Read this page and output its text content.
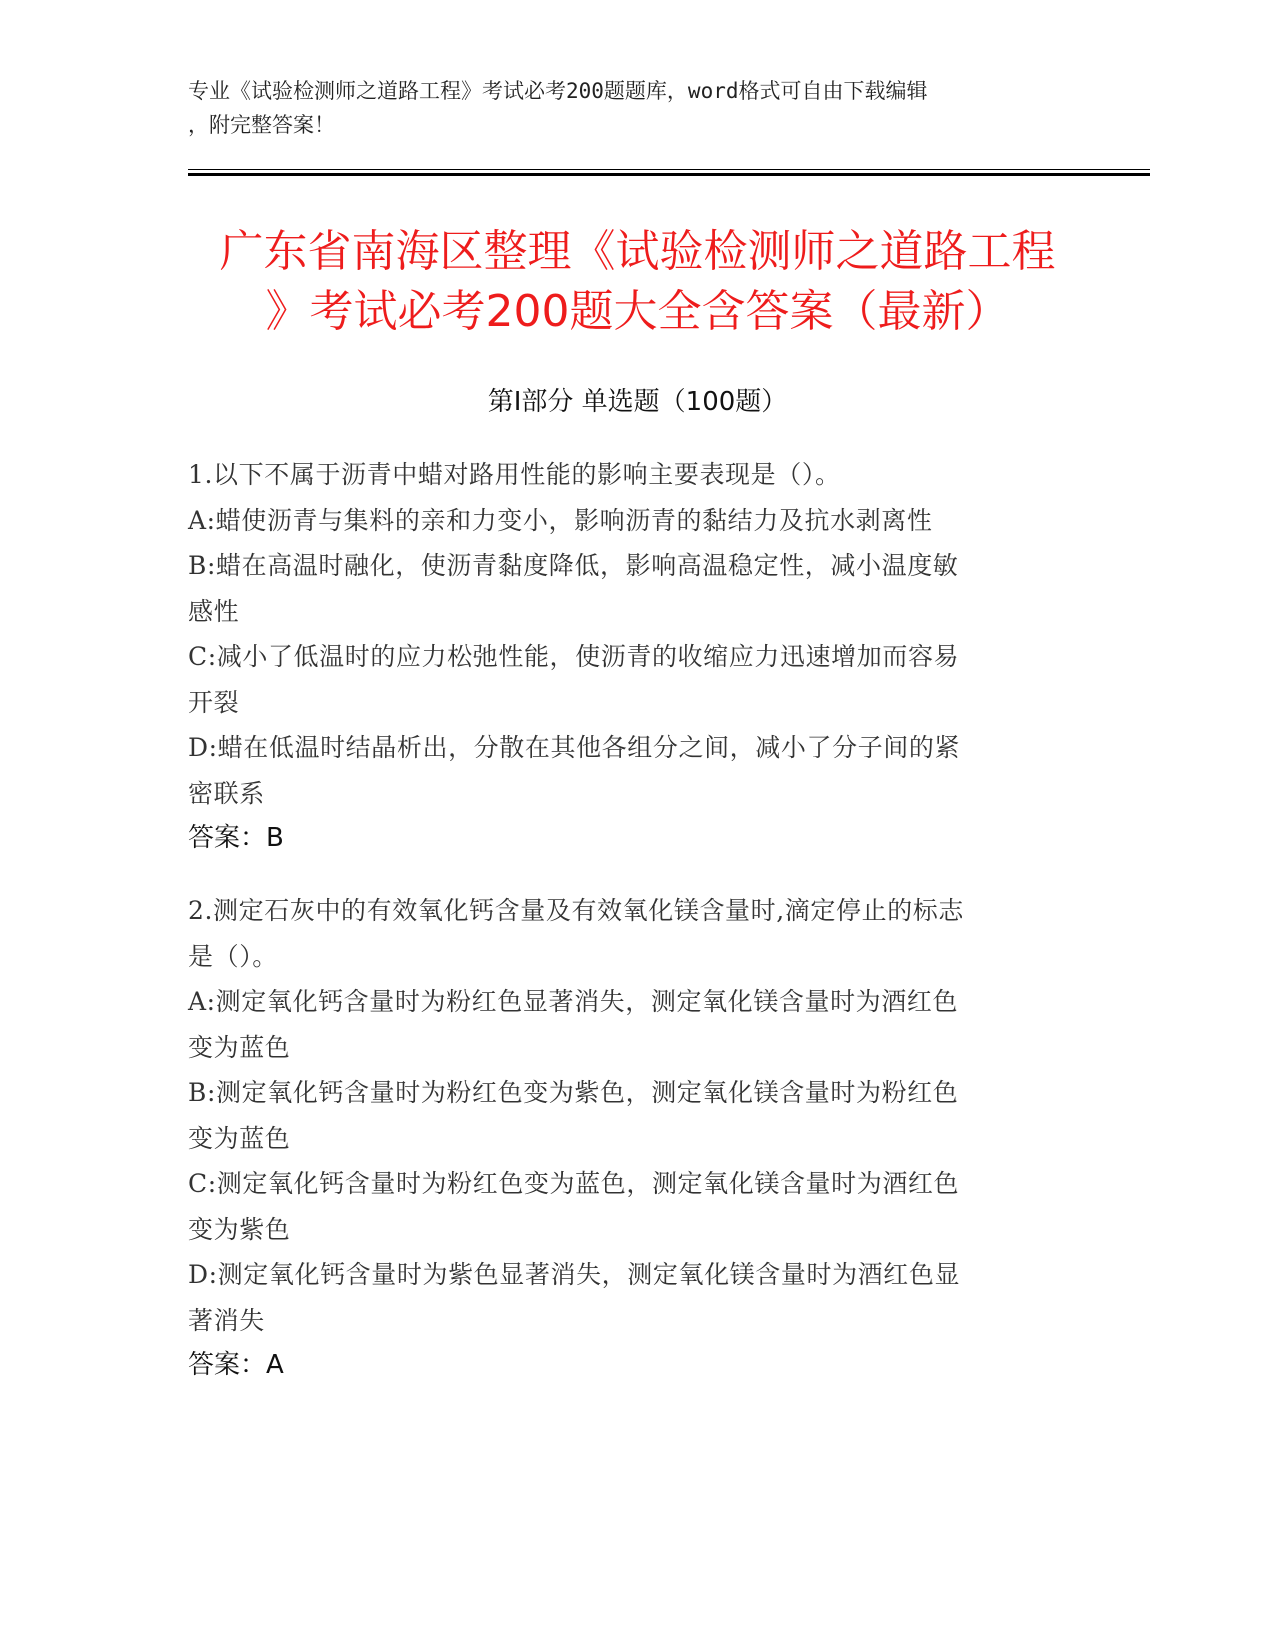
专业《试验检测师之道路工程》考试必考200题题库，word格式可自由下载编辑
，附完整答案！
广东省南海区整理《试验检测师之道路工程
》考试必考200题大全含答案（最新）
第Ⅰ部分 单选题（100题）
1.以下不属于沥青中蜡对路用性能的影响主要表现是（）。
A:蜡使沥青与集料的亲和力变小，影响沥青的黏结力及抗水剥离性
B:蜡在高温时融化，使沥青黏度降低，影响高温稳定性，减小温度敏
感性
C:减小了低温时的应力松弛性能，使沥青的收缩应力迅速增加而容易
开裂
D:蜡在低温时结晶析出，分散在其他各组分之间，减小了分子间的紧
密联系
答案：B
2.测定石灰中的有效氧化钙含量及有效氧化镁含量时,滴定停止的标志
是（）。
A:测定氧化钙含量时为粉红色显著消失，测定氧化镁含量时为酒红色
变为蓝色
B:测定氧化钙含量时为粉红色变为紫色，测定氧化镁含量时为粉红色
变为蓝色
C:测定氧化钙含量时为粉红色变为蓝色，测定氧化镁含量时为酒红色
变为紫色
D:测定氧化钙含量时为紫色显著消失，测定氧化镁含量时为酒红色显
著消失
答案：A
